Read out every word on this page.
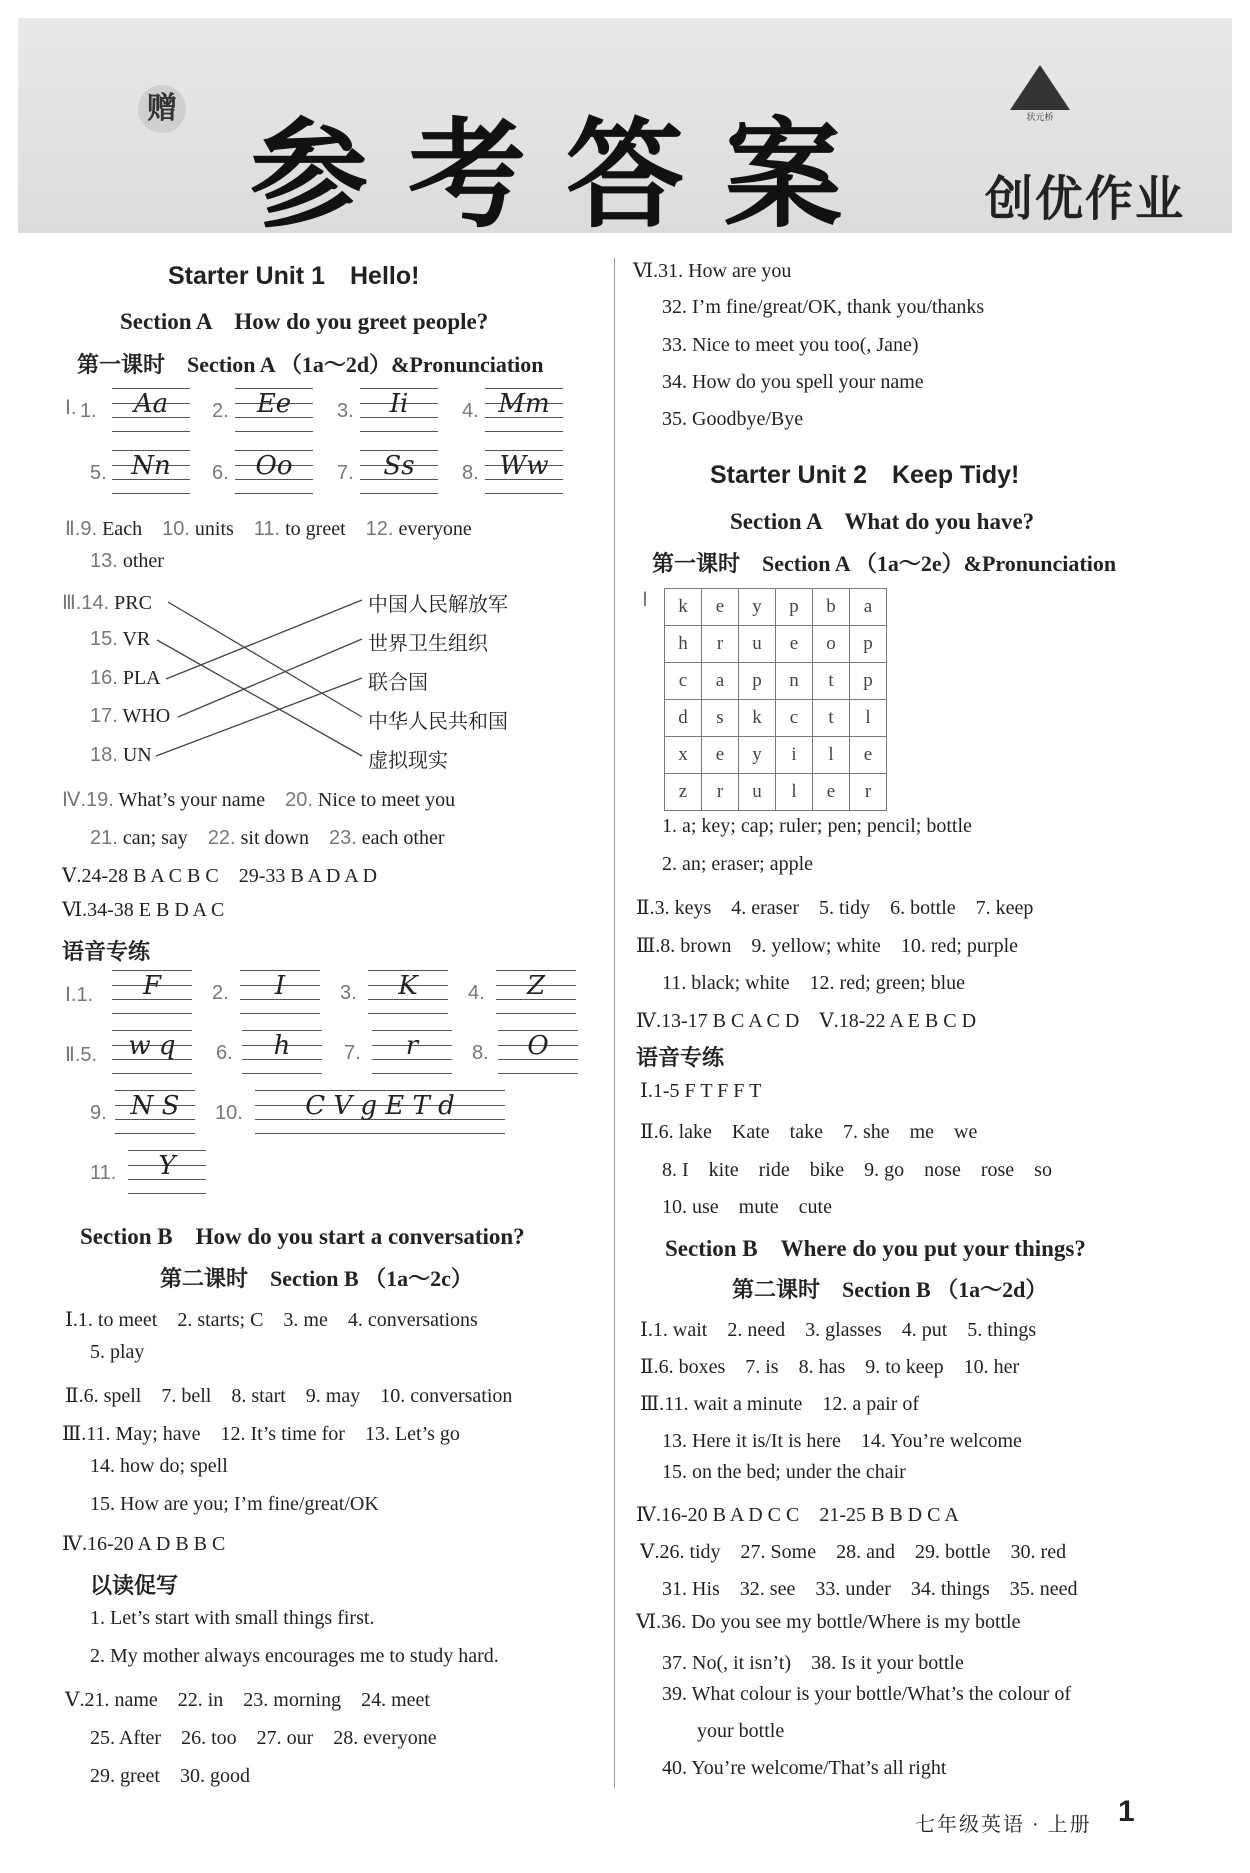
赠 参考答案	状元桥
创优作业
Starter Unit 1　Hello!
Section A　How do you greet people?
第一课时　Section A （1a～2d）&Pronunciation
Ⅰ. 1.	Aa	2.	Ee	3.	Ii	4. Mm
5. Nn	6.	Oo	7.	Ss	8. Ww
Ⅱ.9. Each　 10. units　 11. to greet　 12. everyone
13. other
Ⅲ.14. PRC
15. VR
16. PLA
17. WHO
18. UN
中国人民解放军
世界卫生组织
联合国
中华人民共和国
虚拟现实
Ⅳ.19. What’s your name　 20. Nice to meet you
21. can; say　 22. sit down　 23. each other
Ⅴ.24-28 B A C B C　29-33 B A D A D
Ⅵ.34-38 E B D A C
语音专练
Ⅰ.1.	F	2.	I	3.	K	4.	Z
Ⅱ.5.	w q	6.	h	7.	r	8.	O
9. N S	10.	C V g E T d
11.	Y
Section B　How do you start a conversation?
第二课时　Section B （1a～2c）
Ⅰ.1. to meet　2. starts; C　3. me　4. conversations
5. play
Ⅱ.6. spell　7. bell　8. start　9. may　10. conversation
Ⅲ.11. May; have　12. It’s time for　13. Let’s go
14. how do; spell
15. How are you; I’m fine/great/OK
Ⅳ.16-20 A D B B C
以读促写
1. Let’s start with small things first.
2. My mother always encourages me to study hard.
Ⅴ.21. name　22. in　23. morning　24. meet
25. After　26. too　27. our　28. everyone
29. greet　30. good
Ⅵ.31. How are you
32. I’m fine/great/OK, thank you/thanks
33. Nice to meet you too(, Jane)
34. How do you spell your name
35. Goodbye/Bye
Starter Unit 2　Keep Tidy!
Section A　What do you have?
第一课时　Section A （1a～2e）&Pronunciation
Ⅰ k	e	y	p	b	a
h	r	u	e	o	p
c	a	p	n	t	p
d	s	k	c	t	l
x	e	y	i	l	e
z	r	u	l	e	r
1. a; key; cap; ruler; pen; pencil; bottle
2. an; eraser; apple
Ⅱ.3. keys　4. eraser　5. tidy　6. bottle　7. keep
Ⅲ.8. brown　9. yellow; white　10. red; purple
11. black; white　12. red; green; blue
Ⅳ.13-17 B C A C D　Ⅴ.18-22 A E B C D
语音专练
Ⅰ.1-5 F T F F T
Ⅱ.6. lake　Kate　take　7. she　me　we
8. I　kite　ride　bike　9. go　nose　rose　so
10. use　mute　cute
Section B　Where do you put your things?
第二课时　Section B （1a～2d）
Ⅰ.1. wait　2. need　3. glasses　4. put　5. things
Ⅱ.6. boxes　7. is　8. has　9. to keep　10. her
Ⅲ.11. wait a minute　12. a pair of
13. Here it is/It is here　14. You’re welcome
15. on the bed; under the chair
Ⅳ.16-20 B A D C C　21-25 B B D C A
Ⅴ.26. tidy　27. Some　28. and　29. bottle　30. red
31. His　32. see　33. under　34. things　35. need
Ⅵ.36. Do you see my bottle/Where is my bottle
37. No(, it isn’t)　38. Is it your bottle
39. What colour is your bottle/What’s the colour of
your bottle
40. You’re welcome/That’s all right
七年级英语 · 上册 1
